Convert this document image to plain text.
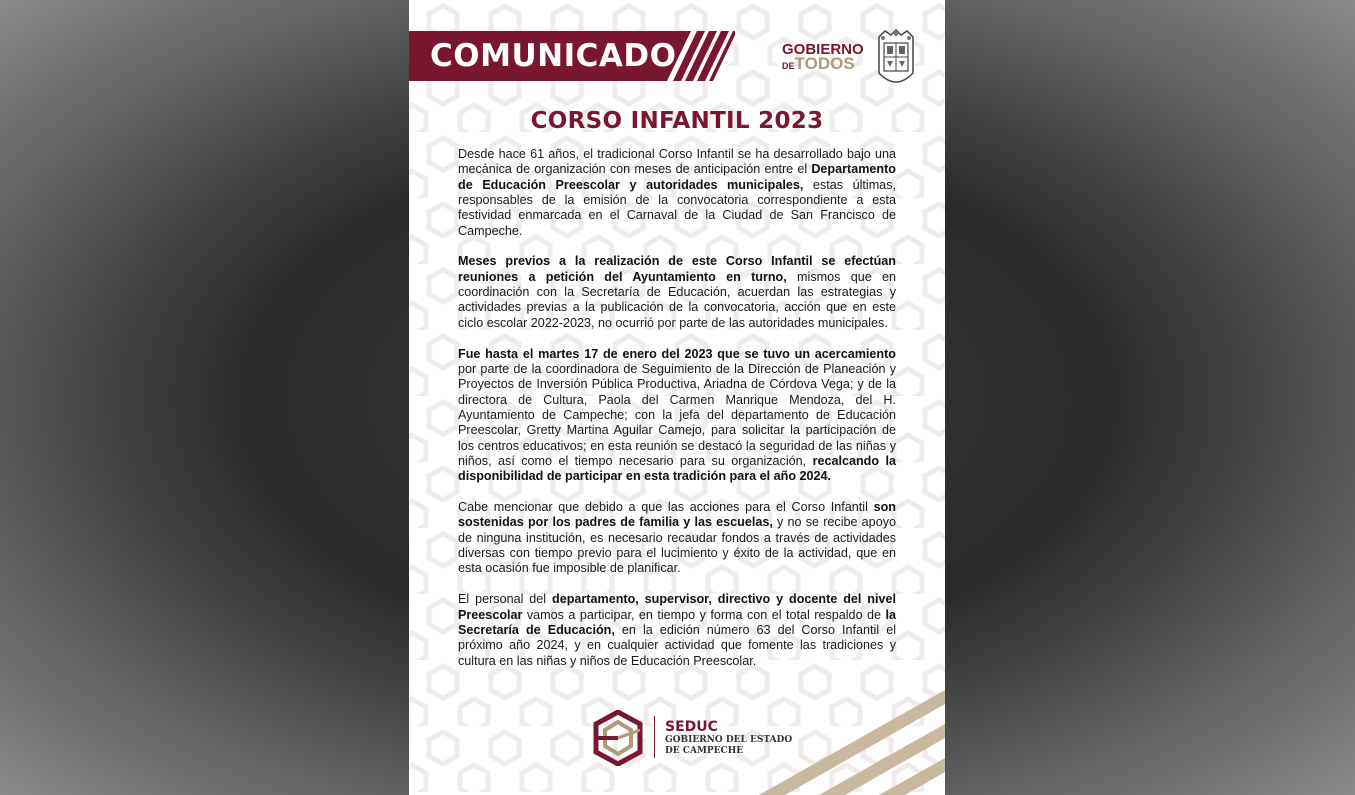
COMUNICADO	GOBIERNO
DETODOS
CORSO INFANTIL 2023

Desde hace 61 años, el tradicional Corso Infantil se ha desarrollado bajo una mecánica de organización con meses de anticipación entre el Departamento de Educación Preescolar y autoridades municipales, estas últimas, responsables de la emisión de la convocatoria correspondiente a esta festividad enmarcada en el Carnaval de la Ciudad de San Francisco de Campeche.

Meses previos a la realización de este Corso Infantil se efectúan reuniones a petición del Ayuntamiento en turno, mismos que en coordinación con la Secretaría de Educación, acuerdan las estrategias y actividades previas a la publicación de la convocatoria, acción que en este ciclo escolar 2022-2023, no ocurrió por parte de las autoridades municipales.

Fue hasta el martes 17 de enero del 2023 que se tuvo un acercamiento por parte de la coordinadora de Seguimiento de la Dirección de Planeación y Proyectos de Inversión Pública Productiva, Ariadna de Córdova Vega; y de la directora de Cultura, Paola del Carmen Manrique Mendoza, del H. Ayuntamiento de Campeche; con la jefa del departamento de Educación Preescolar, Gretty Martina Aguilar Camejo, para solicitar la participación de los centros educativos; en esta reunión se destacó la seguridad de las niñas y niños, así como el tiempo necesario para su organización, recalcando la disponibilidad de participar en esta tradición para el año 2024.

Cabe mencionar que debido a que las acciones para el Corso Infantil son sostenidas por los padres de familia y las escuelas, y no se recibe apoyo de ninguna institución, es necesario recaudar fondos a través de actividades diversas con tiempo previo para el lucimiento y éxito de la actividad, que en esta ocasión fue imposible de planificar.

El personal del departamento, supervisor, directivo y docente del nivel Preescolar vamos a participar, en tiempo y forma con el total respaldo de la Secretaría de Educación, en la edición número 63 del Corso Infantil el próximo año 2024, y en cualquier actividad que fomente las tradiciones y cultura en las niñas y niños de Educación Preescolar.

SEDUC
GOBIERNO DEL ESTADO DE CAMPECHE
